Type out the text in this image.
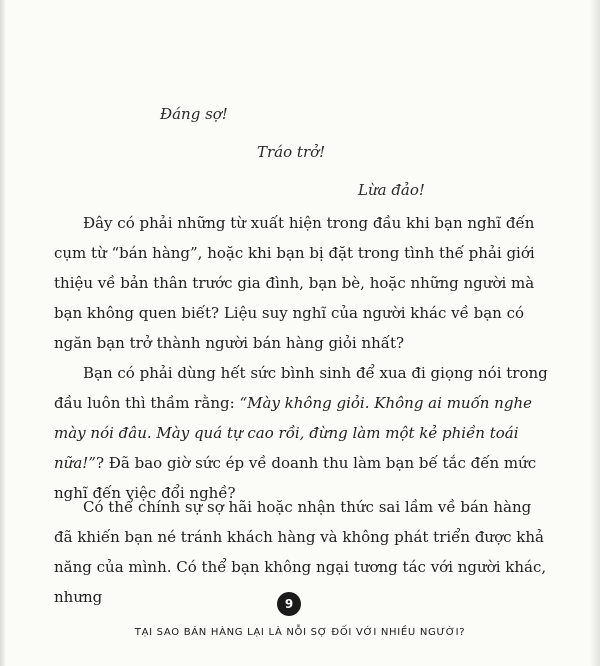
Đáng sợ!

Tráo trở!

Lừa đảo!

Đây có phải những từ xuất hiện trong đầu khi bạn nghĩ đến cụm từ “bán hàng”, hoặc khi bạn bị đặt trong tình thế phải giới thiệu về bản thân trước gia đình, bạn bè, hoặc những người mà bạn không quen biết? Liệu suy nghĩ của người khác về bạn có ngăn bạn trở thành người bán hàng giỏi nhất?

Bạn có phải dùng hết sức bình sinh để xua đi giọng nói trong đầu luôn thì thầm rằng: “Mày không giỏi. Không ai muốn nghe mày nói đâu. Mày quá tự cao rồi, đừng làm một kẻ phiền toái nữa!”? Đã bao giờ sức ép về doanh thu làm bạn bế tắc đến mức nghĩ đến việc đổi nghề?

Có thể chính sự sợ hãi hoặc nhận thức sai lầm về bán hàng đã khiến bạn né tránh khách hàng và không phát triển được khả năng của mình. Có thể bạn không ngại tương tác với người khác, nhưng	9

TẠI SAO BÁN HÀNG LẠI LÀ NỖI SỢ ĐỐI VỚI NHIỀU NGƯỜI?
